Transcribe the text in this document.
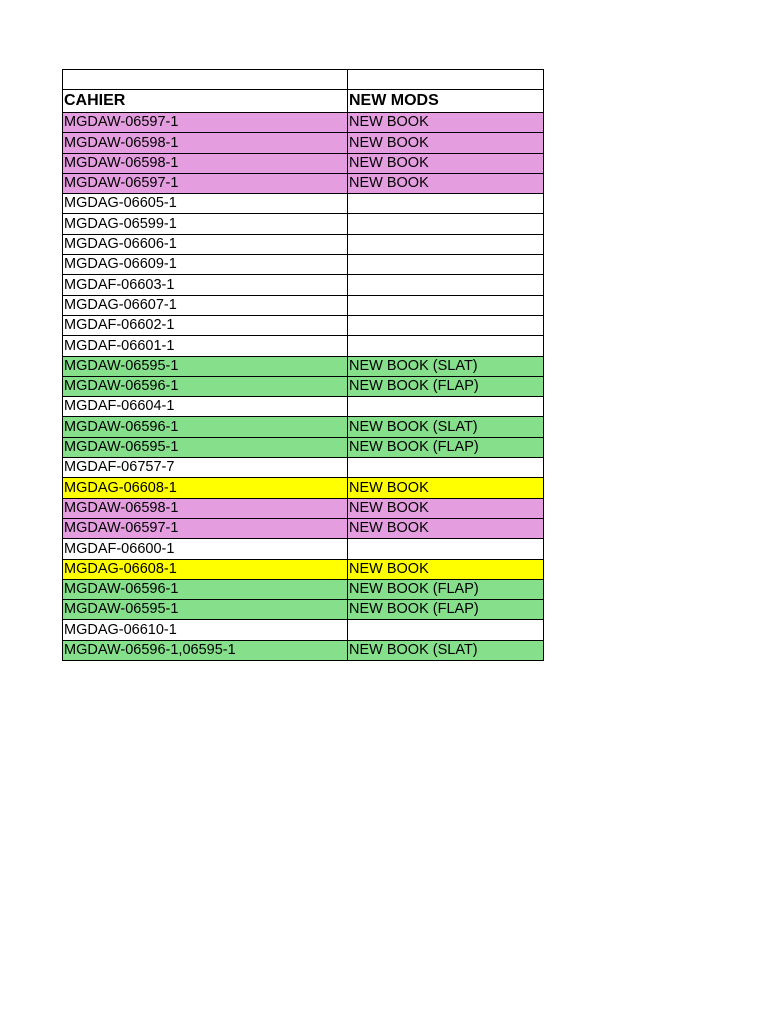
CAHIER	NEW MODS
MGDAW-06597-1	NEW BOOK
MGDAW-06598-1	NEW BOOK
MGDAW-06598-1	NEW BOOK
MGDAW-06597-1	NEW BOOK
MGDAG-06605-1	
MGDAG-06599-1	
MGDAG-06606-1	
MGDAG-06609-1	
MGDAF-06603-1	
MGDAG-06607-1	
MGDAF-06602-1	
MGDAF-06601-1	
MGDAW-06595-1	NEW BOOK (SLAT)
MGDAW-06596-1	NEW BOOK (FLAP)
MGDAF-06604-1	
MGDAW-06596-1	NEW BOOK (SLAT)
MGDAW-06595-1	NEW BOOK (FLAP)
MGDAF-06757-7	
MGDAG-06608-1	NEW BOOK
MGDAW-06598-1	NEW BOOK
MGDAW-06597-1	NEW BOOK
MGDAF-06600-1	
MGDAG-06608-1	NEW BOOK
MGDAW-06596-1	NEW BOOK (FLAP)
MGDAW-06595-1	NEW BOOK (FLAP)
MGDAG-06610-1	
MGDAW-06596-1,06595-1	NEW BOOK (SLAT)
